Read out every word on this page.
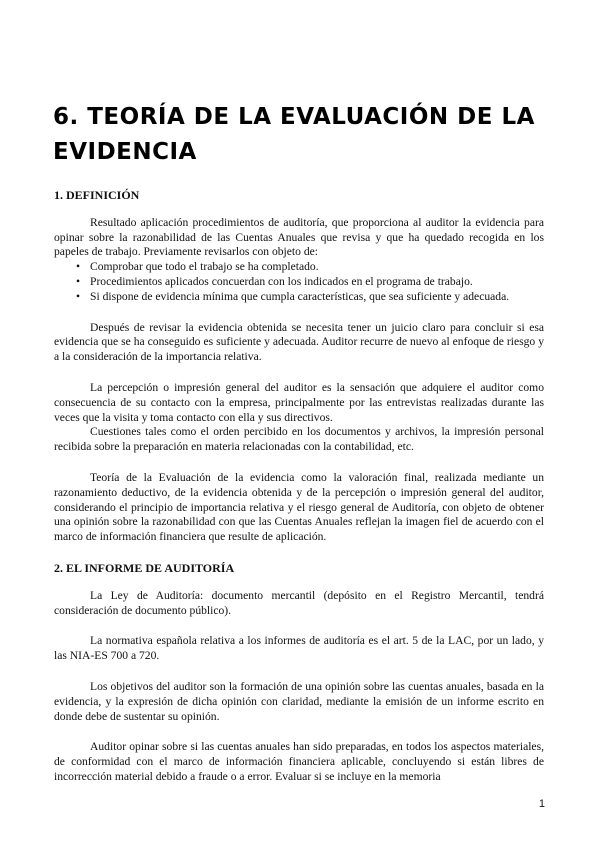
6. TEORÍA DE LA EVALUACIÓN DE LA EVIDENCIA
1. DEFINICIÓN

Resultado aplicación procedimientos de auditoría, que proporciona al auditor la evidencia para opinar sobre la razonabilidad de las Cuentas Anuales que revisa y que ha quedado recogida en los papeles de trabajo. Previamente revisarlos con objeto de:

• Comprobar que todo el trabajo se ha completado.
• Procedimientos aplicados concuerdan con los indicados en el programa de trabajo.
• Si dispone de evidencia mínima que cumpla características, que sea suficiente y adecuada.

Después de revisar la evidencia obtenida se necesita tener un juicio claro para concluir si esa evidencia que se ha conseguido es suficiente y adecuada. Auditor recurre de nuevo al enfoque de riesgo y a la consideración de la importancia relativa.

La percepción o impresión general del auditor es la sensación que adquiere el auditor como consecuencia de su contacto con la empresa, principalmente por las entrevistas realizadas durante las veces que la visita y toma contacto con ella y sus directivos.

Cuestiones tales como el orden percibido en los documentos y archivos, la impresión personal recibida sobre la preparación en materia relacionadas con la contabilidad, etc.

Teoría de la Evaluación de la evidencia como la valoración final, realizada mediante un razonamiento deductivo, de la evidencia obtenida y de la percepción o impresión general del auditor, considerando el principio de importancia relativa y el riesgo general de Auditoría, con objeto de obtener una opinión sobre la razonabilidad con que las Cuentas Anuales reflejan la imagen fiel de acuerdo con el marco de información financiera que resulte de aplicación.

2. EL INFORME DE AUDITORÍA

La Ley de Auditoría: documento mercantil (depósito en el Registro Mercantil, tendrá consideración de documento público).

La normativa española relativa a los informes de auditoría es el art. 5 de la LAC, por un lado, y las NIA-ES 700 a 720.

Los objetivos del auditor son la formación de una opinión sobre las cuentas anuales, basada en la evidencia, y la expresión de dicha opinión con claridad, mediante la emisión de un informe escrito en donde debe de sustentar su opinión.

Auditor opinar sobre si las cuentas anuales han sido preparadas, en todos los aspectos materiales, de conformidad con el marco de información financiera aplicable, concluyendo si están libres de incorrección material debido a fraude o a error. Evaluar si se incluye en la memoria

1
